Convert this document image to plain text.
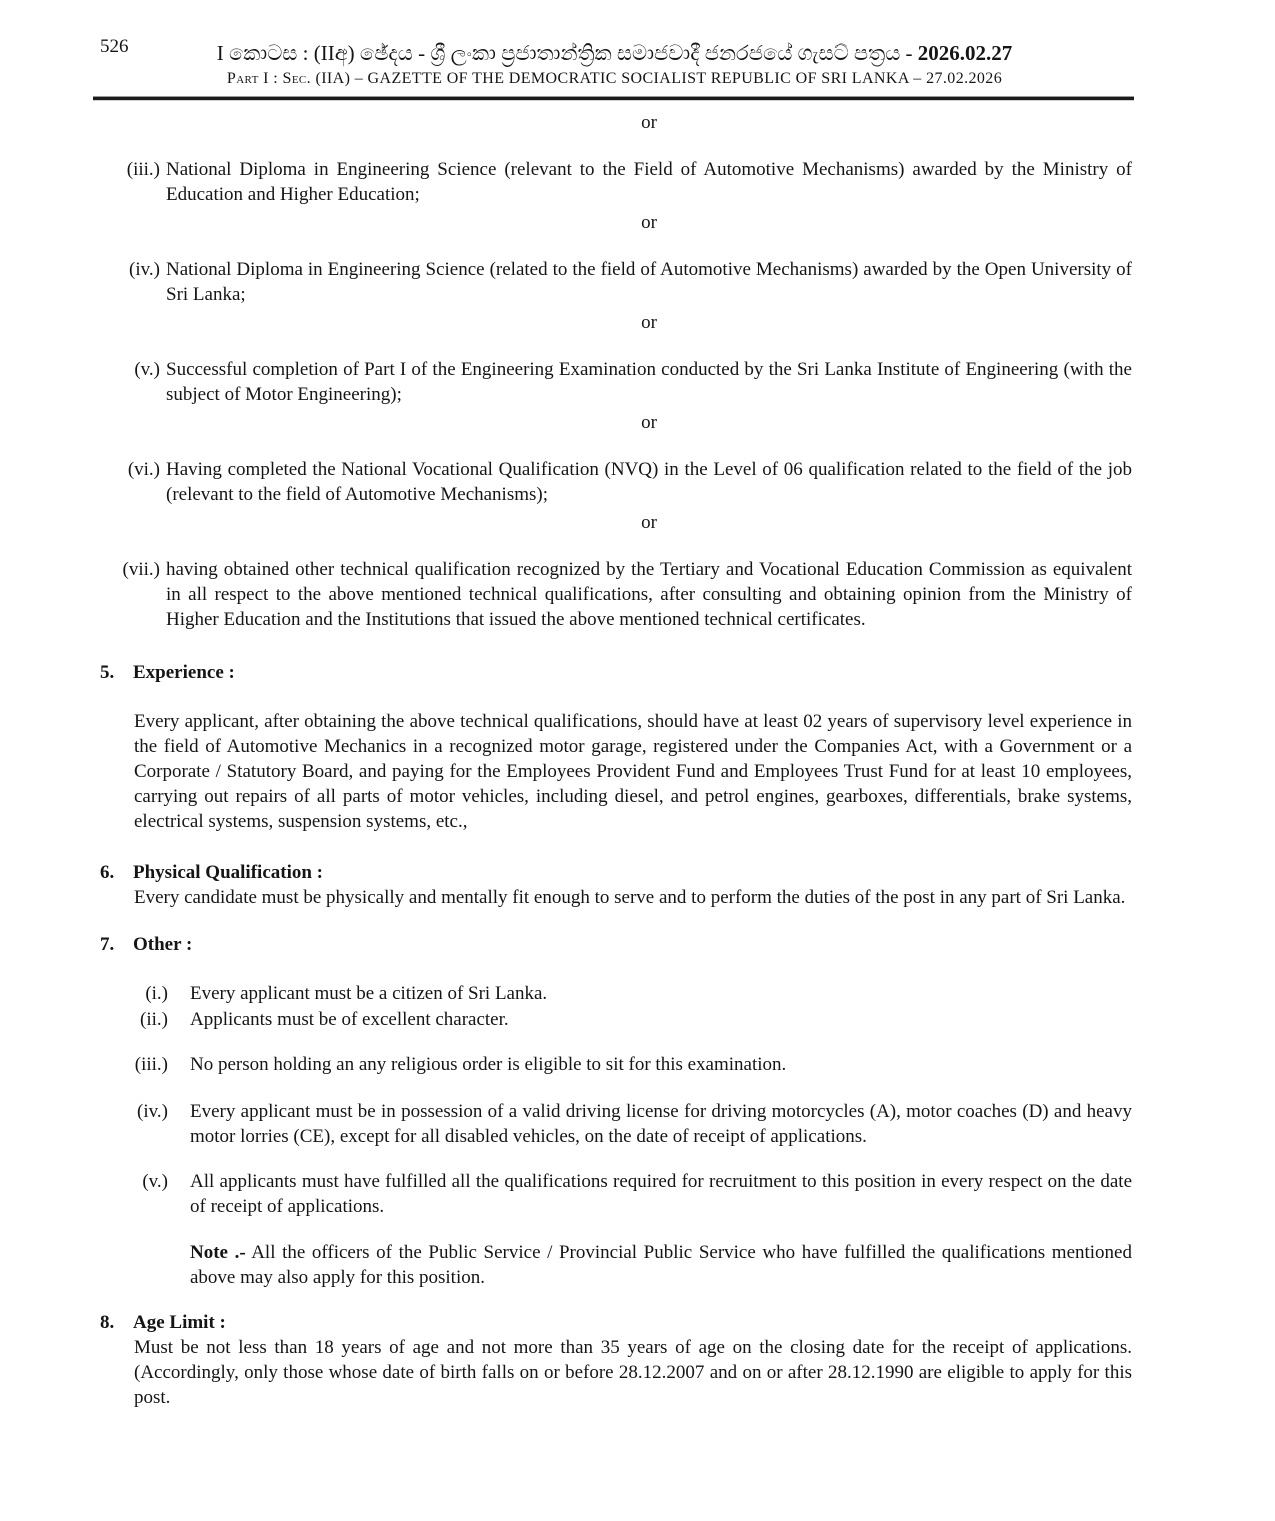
526	I කොටස : (IIඅ) ඡේදය - ශ්‍රී ලංකා ප්‍රජාතාන්ත්‍රික සමාජවාදී ජනරජයේ ගැසට් පත්‍රය - 2026.02.27
Part I : Sec. (IIA) – GAZETTE OF THE DEMOCRATIC SOCIALIST REPUBLIC OF SRI LANKA – 27.02.2026
or
(iii.) National Diploma in Engineering Science (relevant to the Field of Automotive Mechanisms) awarded by the Ministry of Education and Higher Education;
or
(iv.) National Diploma in Engineering Science (related to the field of Automotive Mechanisms) awarded by the Open University of Sri Lanka;
or
(v.) Successful completion of Part I of the Engineering Examination conducted by the Sri Lanka Institute of Engineering (with the subject of Motor Engineering);
or
(vi.) Having completed the National Vocational Qualification (NVQ) in the Level of 06 qualification related to the field of the job (relevant to the field of Automotive Mechanisms);
or
(vii.) having obtained other technical qualification recognized by the Tertiary and Vocational Education Commission as equivalent in all respect to the above mentioned technical qualifications, after consulting and obtaining opinion from the Ministry of Higher Education and the Institutions that issued the above mentioned technical certificates.
5. Experience :

Every applicant, after obtaining the above technical qualifications, should have at least 02 years of supervisory level experience in the field of Automotive Mechanics in a recognized motor garage, registered under the Companies Act, with a Government or a Corporate / Statutory Board, and paying for the Employees Provident Fund and Employees Trust Fund for at least 10 employees, carrying out repairs of all parts of motor vehicles, including diesel, and petrol engines, gearboxes, differentials, brake systems, electrical systems, suspension systems, etc.,

6. Physical Qualification :

Every candidate must be physically and mentally fit enough to serve and to perform the duties of the post in any part of Sri Lanka.

7. Other :
(i.) Every applicant must be a citizen of Sri Lanka.
(ii.) Applicants must be of excellent character.
(iii.) No person holding an any religious order is eligible to sit for this examination.
(iv.) Every applicant must be in possession of a valid driving license for driving motorcycles (A), motor coaches (D) and heavy motor lorries (CE), except for all disabled vehicles, on the date of receipt of applications.
(v.) All applicants must have fulfilled all the qualifications required for recruitment to this position in every respect on the date of receipt of applications.

Note .- All the officers of the Public Service / Provincial Public Service who have fulfilled the qualifications mentioned above may also apply for this position.

8. Age Limit :

Must be not less than 18 years of age and not more than 35 years of age on the closing date for the receipt of applications. (Accordingly, only those whose date of birth falls on or before 28.12.2007 and on or after 28.12.1990 are eligible to apply for this post.
